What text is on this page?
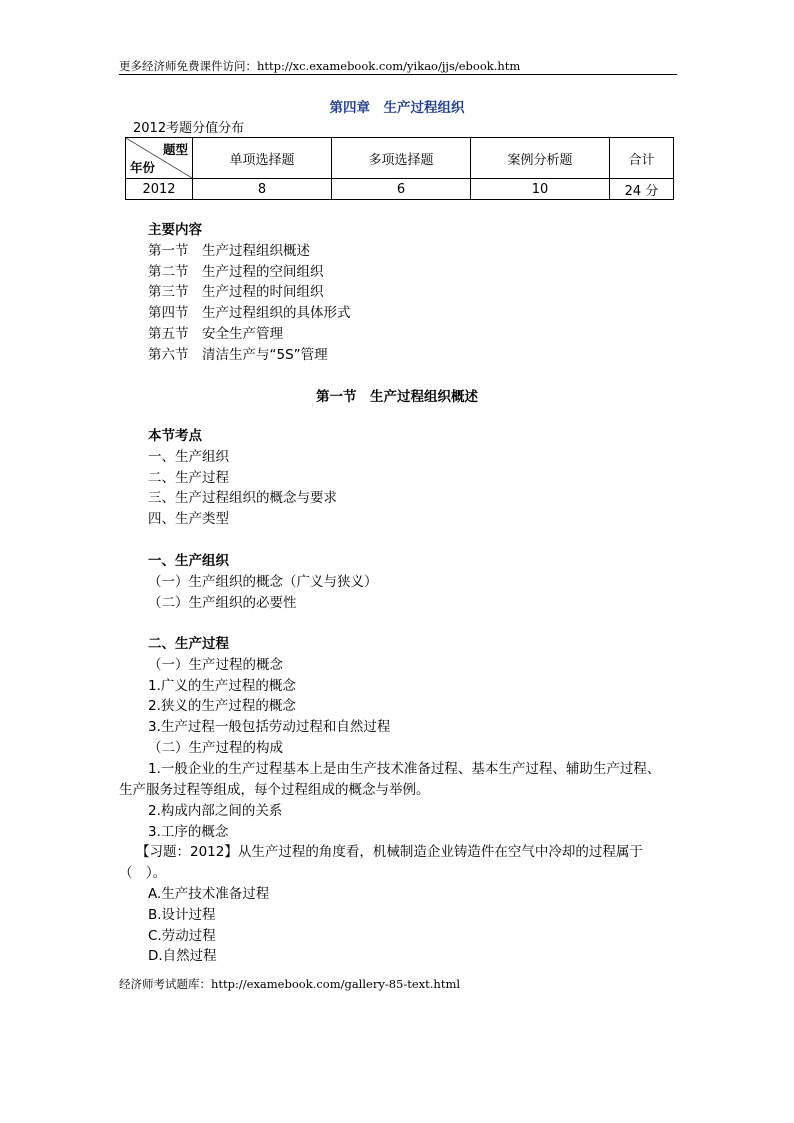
更多经济师免费课件访问：http://xc.examebook.com/yikao/jjs/ebook.htm
第四章　生产过程组织
2012考题分值分布
题型
年份	单项选择题	多项选择题	案例分析题	合计
2012	8	6	10	24 分
主要内容
第一节　生产过程组织概述
第二节　生产过程的空间组织
第三节　生产过程的时间组织
第四节　生产过程组织的具体形式
第五节　安全生产管理
第六节　清洁生产与“5S”管理
第一节　生产过程组织概述
本节考点
一、生产组织
二、生产过程
三、生产过程组织的概念与要求
四、生产类型
一、生产组织
（一）生产组织的概念（广义与狭义）
（二）生产组织的必要性
二、生产过程
（一）生产过程的概念
1.广义的生产过程的概念
2.狭义的生产过程的概念
3.生产过程一般包括劳动过程和自然过程
（二）生产过程的构成
1.一般企业的生产过程基本上是由生产技术准备过程、基本生产过程、辅助生产过程、
生产服务过程等组成，每个过程组成的概念与举例。
2.构成内部之间的关系
3.工序的概念
【习题：2012】从生产过程的角度看，机械制造企业铸造件在空气中冷却的过程属于
（　）。
A.生产技术准备过程
B.设计过程
C.劳动过程
D.自然过程
经济师考试题库：http://examebook.com/gallery-85-text.html
